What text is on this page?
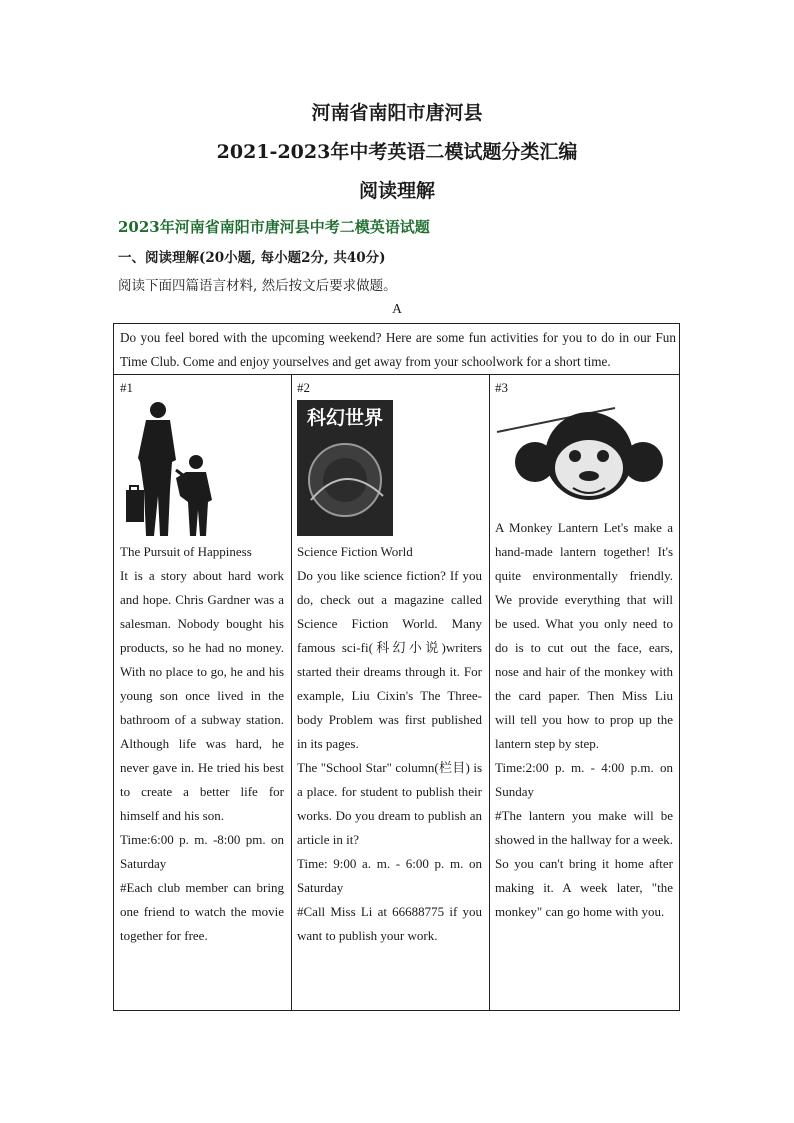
河南省南阳市唐河县
2021-2023年中考英语二模试题分类汇编
阅读理解
2023年河南省南阳市唐河县中考二模英语试题
一、阅读理解(20小题, 每小题2分, 共40分)
阅读下面四篇语言材料, 然后按文后要求做题。
A
Do you feel bored with the upcoming weekend? Here are some fun activities for you to do in our Fun Time Club. Come and enjoy yourselves and get away from your schoolwork for a short time.
#1

The Pursuit of Happiness

It is a story about hard work and hope. Chris Gardner was a salesman. Nobody bought his products, so he had no money. With no place to go, he and his young son once lived in the bathroom of a subway station. Although life was hard, he never gave in. He tried his best to create a better life for himself and his son.

Time:6:00 p. m. -8:00 pm. on Saturday

#Each club member can bring one friend to watch the movie together for free.

#2
科幻世界

Science Fiction World

Do you like science fiction? If you do, check out a magazine called Science Fiction World. Many famous sci-fi(科幻小说)writers started their dreams through it. For example, Liu Cixin's The Three-body Problem was first published in its pages.

The "School Star" column(栏目) is a place. for student to publish their works. Do you dream to publish an article in it?

Time: 9:00 a. m. - 6:00 p. m. on Saturday

#Call Miss Li at 66688775 if you want to publish your work.

#3

A Monkey Lantern Let's make a hand-made lantern together! It's quite environmentally friendly. We provide everything that will be used. What you only need to do is to cut out the face, ears, nose and hair of the monkey with the card paper. Then Miss Liu will tell you how to prop up the lantern step by step.

Time:2:00 p. m. - 4:00 p.m. on Sunday

#The lantern you make will be showed in the hallway for a week. So you can't bring it home after making it. A week later, "the monkey" can go home with you.
